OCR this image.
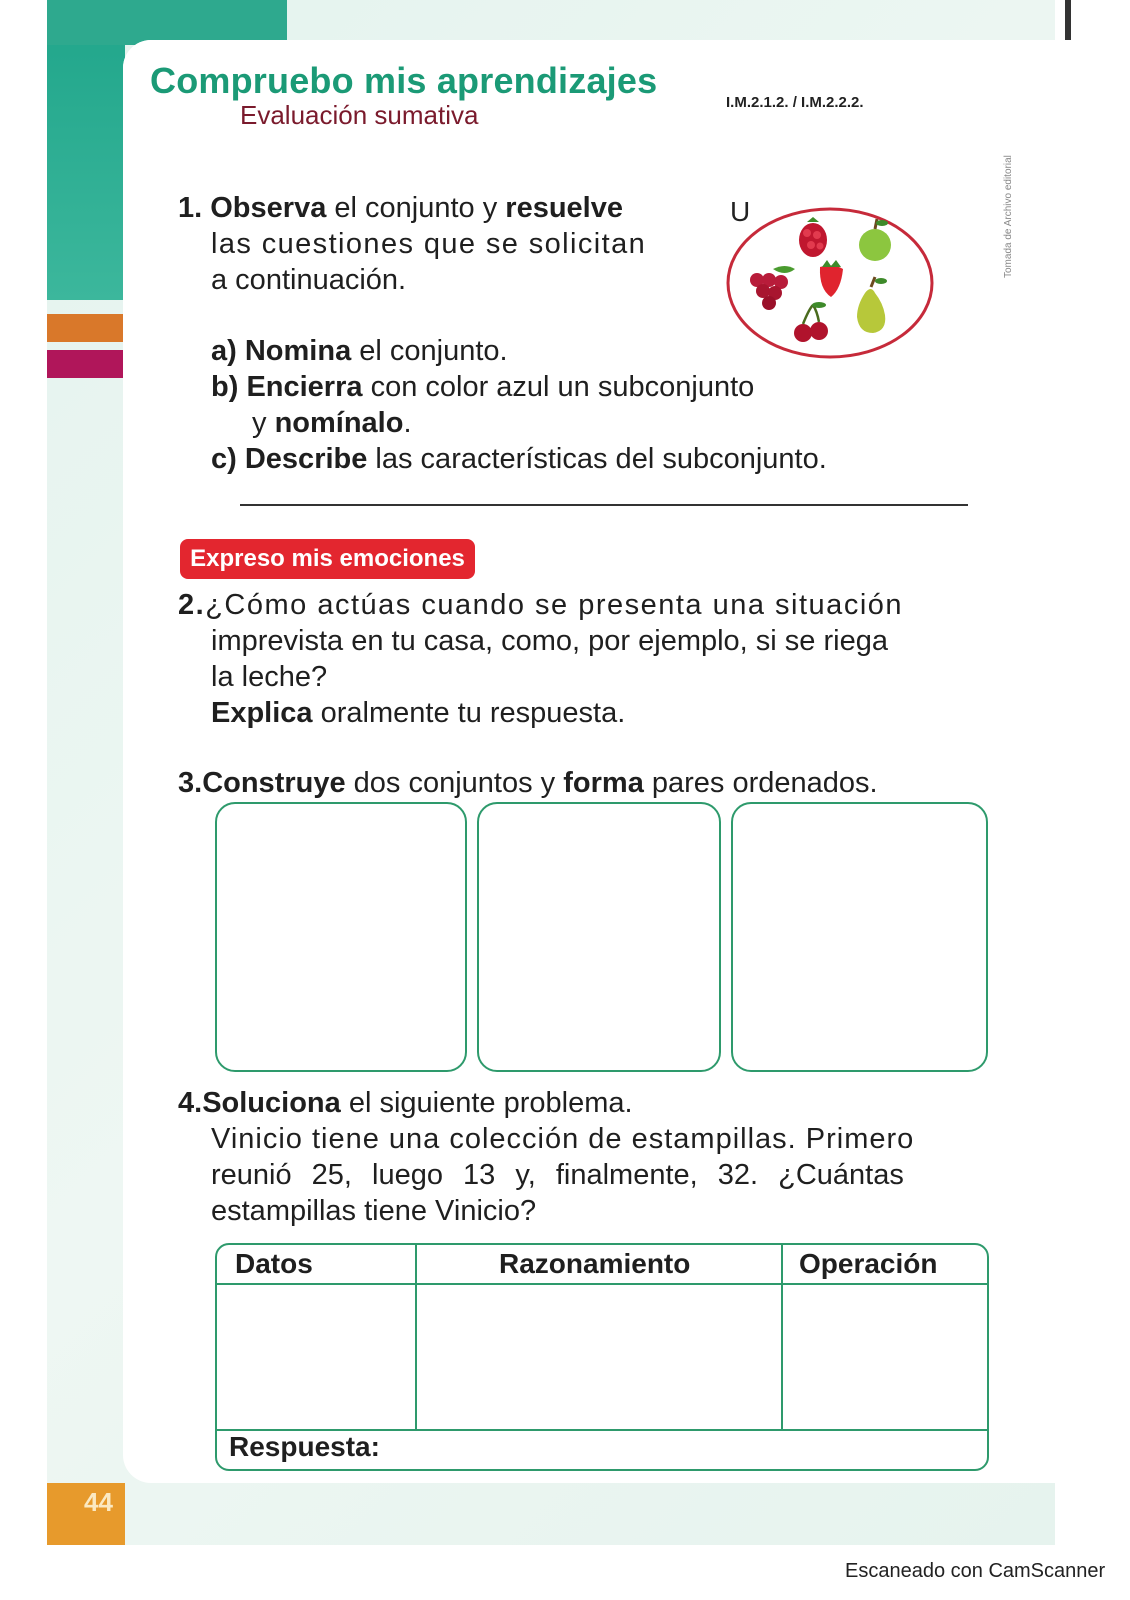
Compruebo mis aprendizajes
Evaluación sumativa	I.M.2.1.2. / I.M.2.2.2.
Tomada de Archivo editorial
1. Observa el conjunto y resuelve
las cuestiones que se solicitan
a continuación.
U
a) Nomina el conjunto.
b) Encierra con color azul un subconjunto
y nomínalo.
c) Describe las características del subconjunto.
Expreso mis emociones
2.¿Cómo actúas cuando se presenta una situación
imprevista en tu casa, como, por ejemplo, si se riega
la leche?
Explica oralmente tu respuesta.
3.Construye dos conjuntos y forma pares ordenados.
4.Soluciona el siguiente problema.
Vinicio tiene una colección de estampillas. Primero
reunió 25, luego 13 y, finalmente, 32. ¿Cuántas
estampillas tiene Vinicio?
Datos	Razonamiento	Operación
Respuesta:
44
Escaneado con CamScanner
